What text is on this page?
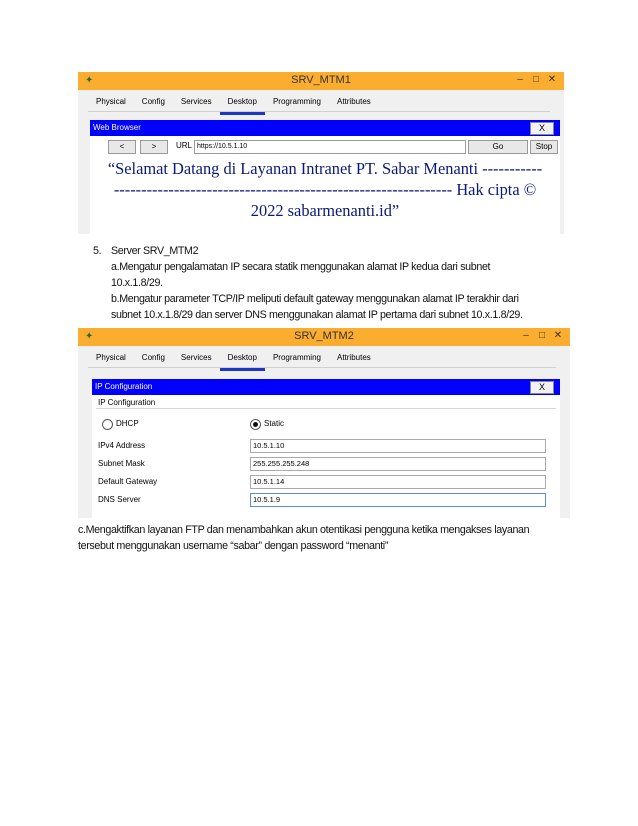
✦	SRV_MTM1	–	□ ✕
Physical	Config	Services	Desktop	Programming	Attributes
Web Browser	X
<	>	URL https://10.5.1.10	Go	Stop
“Selamat Datang di Layanan Intranet PT. Sabar Menanti -----------
-------------------------------------------------------------- Hak cipta ©
2022 sabarmenanti.id”
5. Server SRV_MTM2
a.Mengatur pengalamatan IP secara statik menggunakan alamat IP kedua dari subnet
10.x.1.8/29.
b.Mengatur parameter TCP/IP meliputi default gateway menggunakan alamat IP terakhir dari
subnet 10.x.1.8/29 dan server DNS menggunakan alamat IP pertama dari subnet 10.x.1.8/29.
✦	SRV_MTM2	–	□ ✕
Physical	Config	Services	Desktop	Programming	Attributes
IP Configuration	X
IP Configuration
DHCP	Static
IPv4 Address	10.5.1.10
Subnet Mask	255.255.255.248
Default Gateway	10.5.1.14
DNS Server	10.5.1.9
c.Mengaktifkan layanan FTP dan menambahkan akun otentikasi pengguna ketika mengakses layanan
tersebut menggunakan username “sabar” dengan password “menanti”
